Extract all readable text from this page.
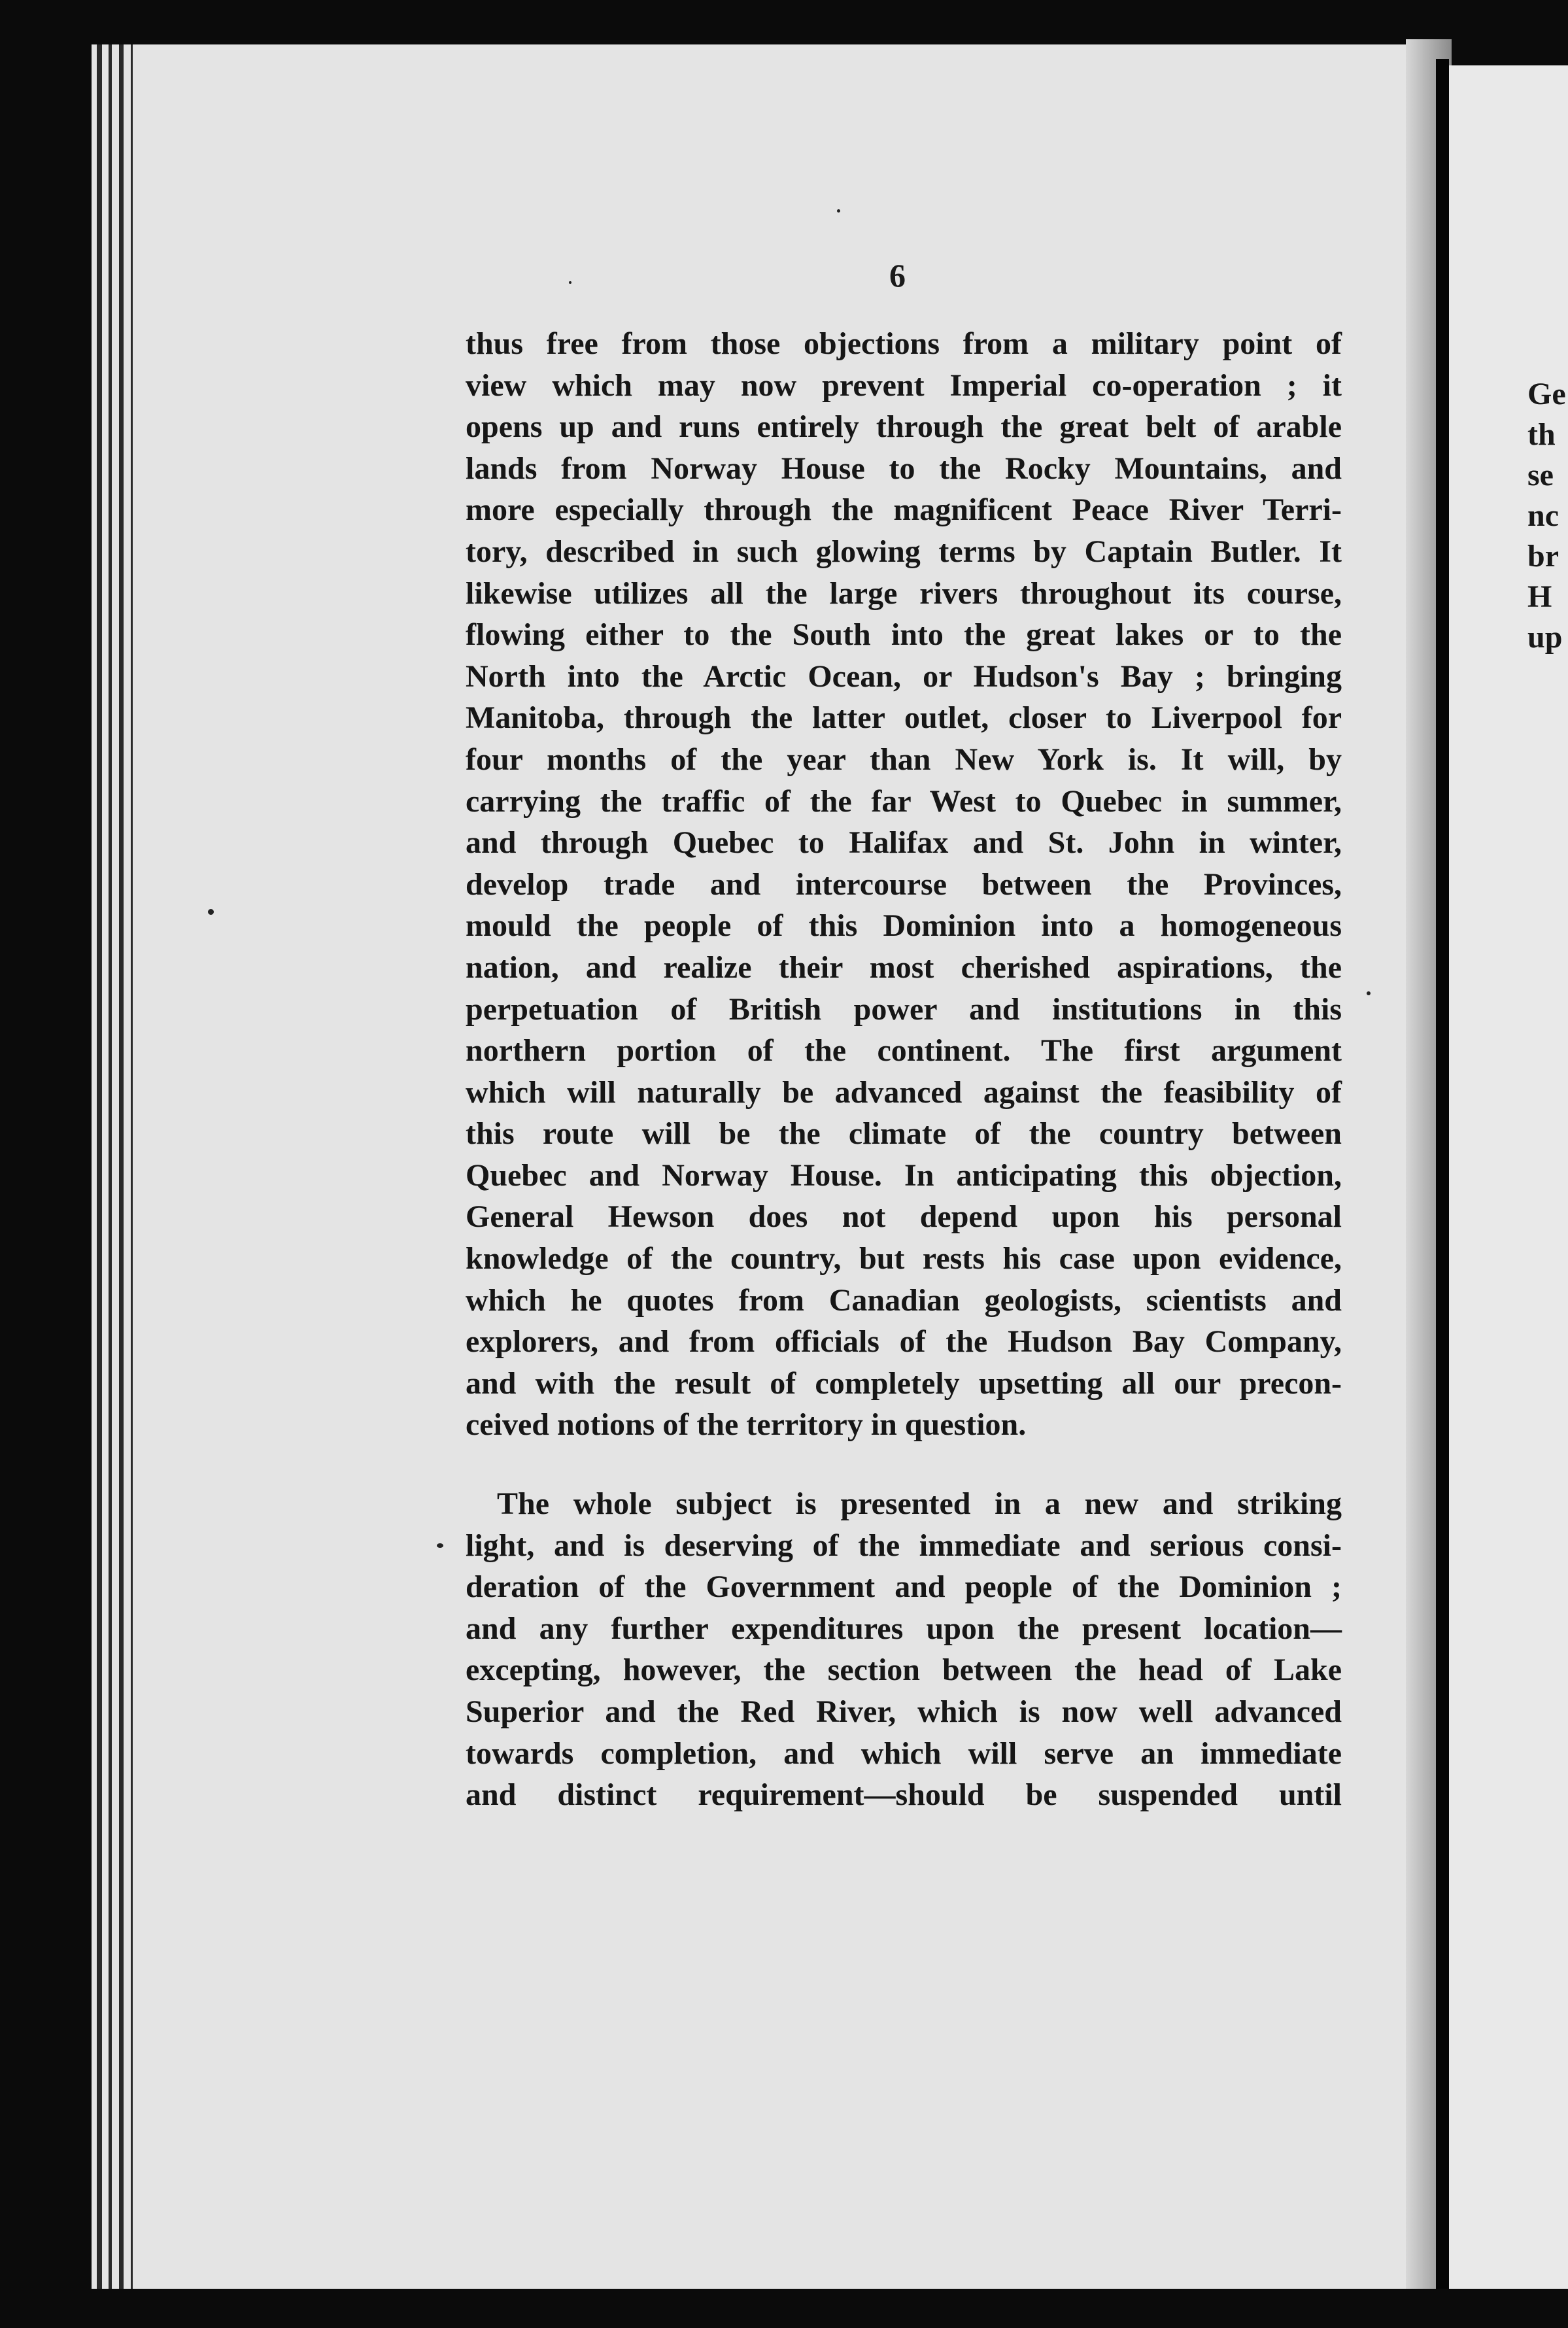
6
thus free from those objections from a military point of
view which may now prevent Imperial co-operation ; it
opens up and runs entirely through the great belt of arable
lands from Norway House to the Rocky Mountains, and
more especially through the magnificent Peace River Terri-
tory, described in such glowing terms by Captain Butler. It
likewise utilizes all the large rivers throughout its course,
flowing either to the South into the great lakes or to the
North into the Arctic Ocean, or Hudson's Bay ; bringing
Manitoba, through the latter outlet, closer to Liverpool for
four months of the year than New York is. It will, by
carrying the traffic of the far West to Quebec in summer,
and through Quebec to Halifax and St. John in winter,
develop trade and intercourse between the Provinces,
mould the people of this Dominion into a homogeneous
nation, and realize their most cherished aspirations, the
perpetuation of British power and institutions in this
northern portion of the continent. The first argument
which will naturally be advanced against the feasibility of
this route will be the climate of the country between
Quebec and Norway House. In anticipating this objection,
General Hewson does not depend upon his personal
knowledge of the country, but rests his case upon evidence,
which he quotes from Canadian geologists, scientists and
explorers, and from officials of the Hudson Bay Company,
and with the result of completely upsetting all our precon-
ceived notions of the territory in question.
The whole subject is presented in a new and striking
light, and is deserving of the immediate and serious consi-
deration of the Government and people of the Dominion ;
and any further expenditures upon the present location—
excepting, however, the section between the head of Lake
Superior and the Red River, which is now well advanced
towards completion, and which will serve an immediate
and distinct requirement—should be suspended until
Ge
th
se
nc
br
H
up
